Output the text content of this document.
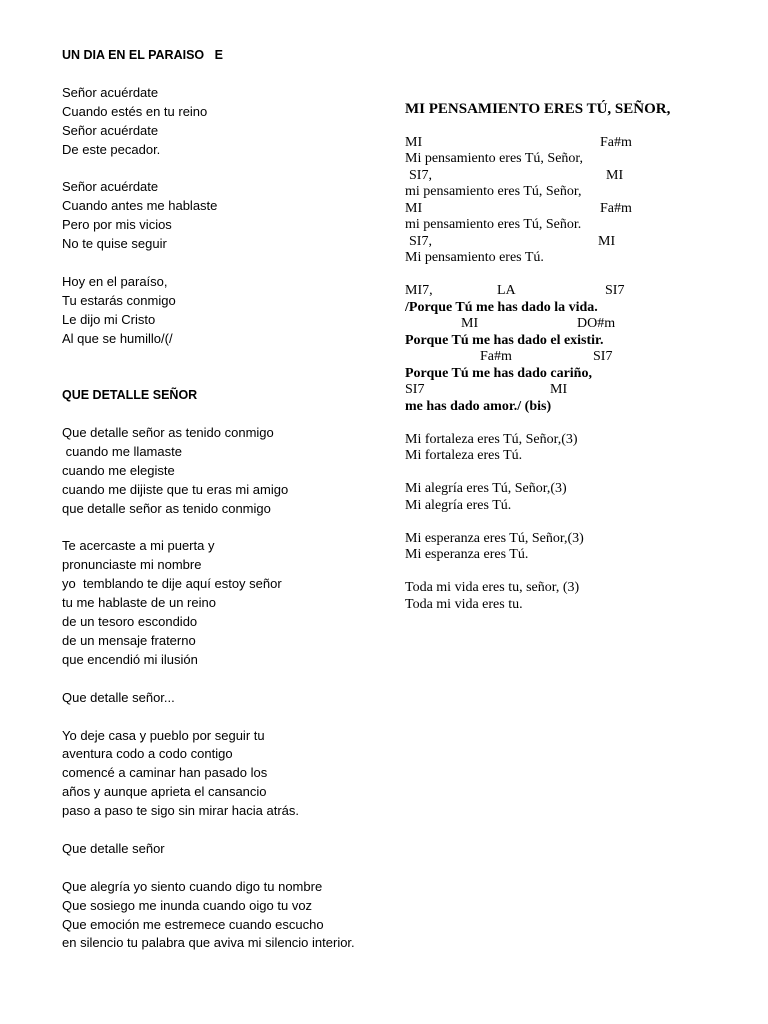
UN DIA EN EL PARAISO   E
Señor acuérdate
Cuando estés en tu reino
Señor acuérdate
De este pecador.
Señor acuérdate
Cuando antes me hablaste
Pero por mis vicios
No te quise seguir
Hoy en el paraíso,
Tu estarás conmigo
Le dijo mi Cristo
Al que se humillo/(/
QUE DETALLE SEÑOR
Que detalle señor as tenido conmigo
cuando me llamaste
cuando me elegiste
cuando me dijiste que tu eras mi amigo
que detalle señor as tenido conmigo
Te acercaste a mi puerta y
pronunciaste mi nombre
yo  temblando te dije aquí estoy señor
tu me hablaste de un reino
de un tesoro escondido
de un mensaje fraterno
que encendió mi ilusión
Que detalle señor...
Yo deje casa y pueblo por seguir tu
aventura codo a codo contigo
comencé a caminar han pasado los
años y aunque aprieta el cansancio
paso a paso te sigo sin mirar hacia atrás.
Que detalle señor
Que alegría yo siento cuando digo tu nombre
Que sosiego me inunda cuando oigo tu voz
Que emoción me estremece cuando escucho
en silencio tu palabra que aviva mi silencio interior.
MI PENSAMIENTO ERES TÚ, SEÑOR,

MI

	Fa#m

Mi pensamiento eres Tú, Señor,

SI7,

	MI

mi pensamiento eres Tú, Señor,

MI

	Fa#m

mi pensamiento eres Tú, Señor.

SI7,

	MI

Mi pensamiento eres Tú.

MI7,

	LA

	SI7

/Porque Tú me has dado la vida.

MI

	DO#m

Porque Tú me has dado el existir.

Fa#m

	SI7

Porque Tú me has dado cariño,

SI7

	MI

me has dado amor./ (bis)
Mi fortaleza eres Tú, Señor,(3)
Mi fortaleza eres Tú.
Mi alegría eres Tú, Señor,(3)
Mi alegría eres Tú.
Mi esperanza eres Tú, Señor,(3)
Mi esperanza eres Tú.
Toda mi vida eres tu, señor, (3)
Toda mi vida eres tu.
